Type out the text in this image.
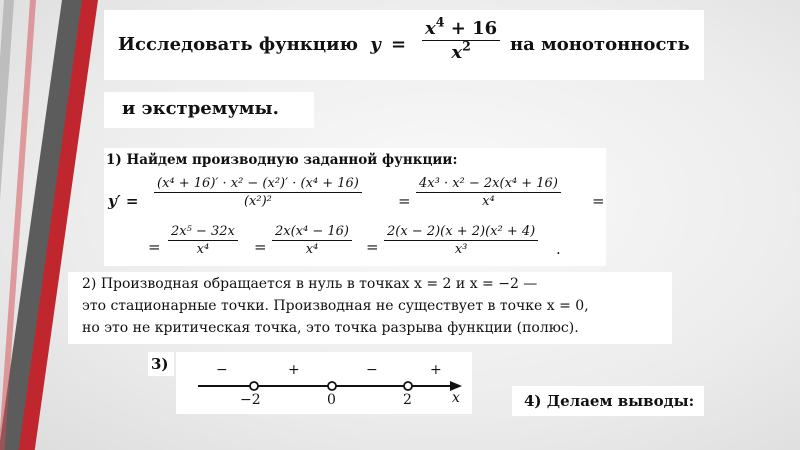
Исследовать функцию $y = \frac{x^4 + 16}{x^2}$ на монотонность
и экстремумы.
1) Найдем производную заданной функции:
$y' = \frac{\text{(x⁴ + 16)′ · x² − (x²)′ · (x⁴ + 16)}}{\text{(x²)²}} = \frac{\text{4x³ · x² − 2x(x⁴ + 16)}}{\text{x⁴}}$ =
= $\frac{\text{2x⁵ − 32x}}{\text{x⁴}} = \frac{\text{2x(x⁴ − 16)}}{\text{x⁴}} = \frac{\text{2(x − 2)(x + 2)(x² + 4)}}{\text{x³}}$ .
2) Производная обращается в нуль в точках x = 2 и x = −2 —
это стационарные точки. Производная не существует в точке x = 0,
но это не критическая точка, это точка разрыва функции (полюс).
3)	−	+	−	+
−2	0	2	x	4) Делаем выводы:
